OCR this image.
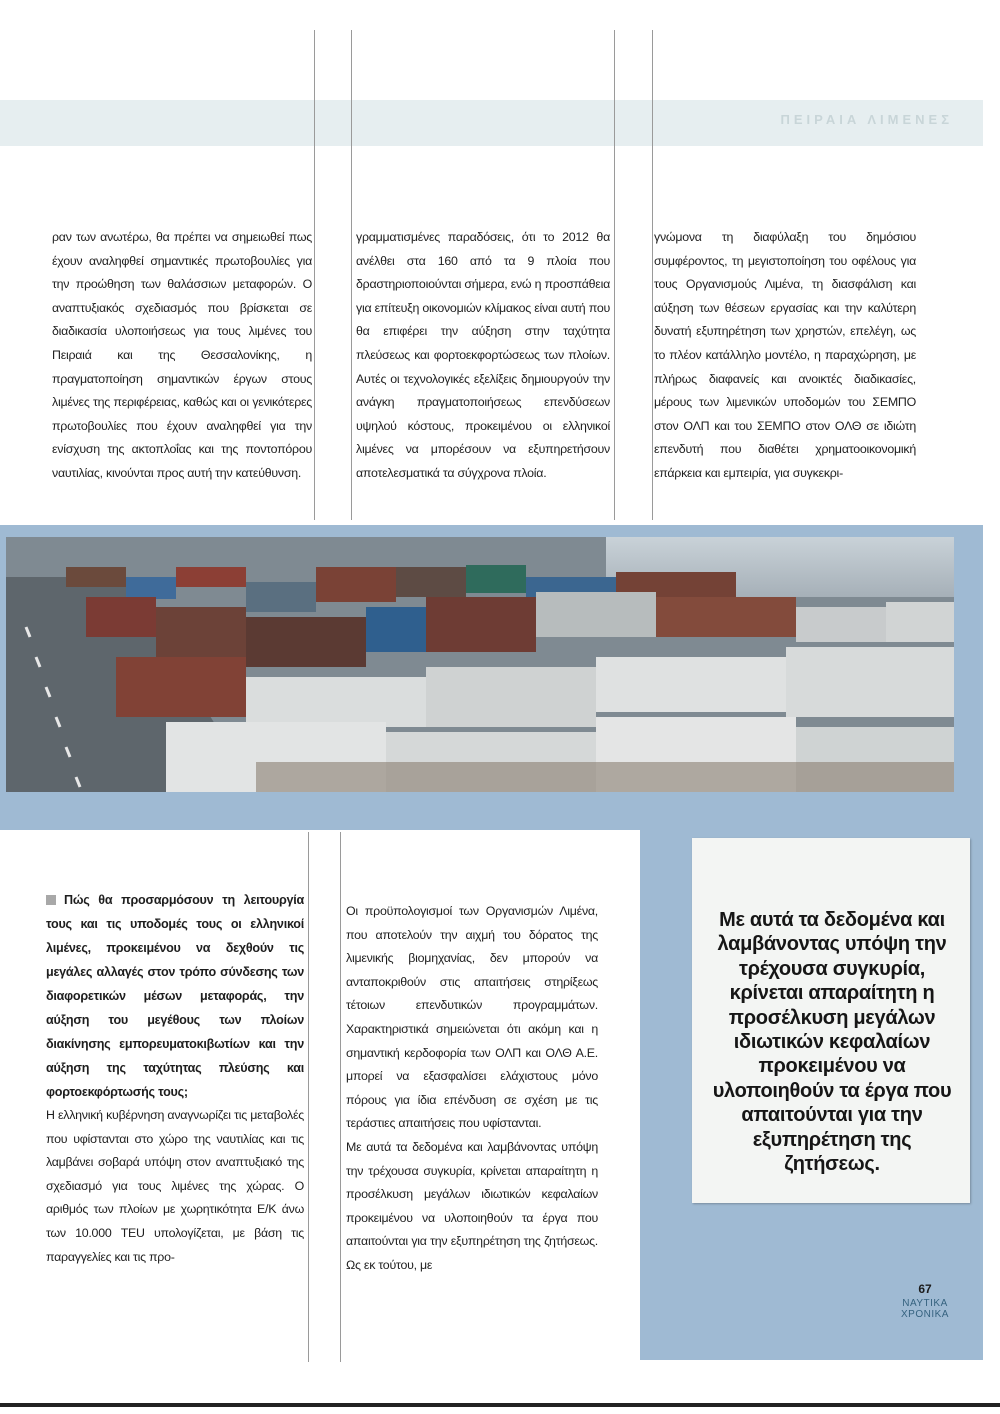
ΠΕΙΡΑΙΑ ΛΙΜΕΝΕΣ

ραν των ανωτέρω, θα πρέπει να σημειωθεί πως έχουν αναληφθεί σημαντικές πρωτοβουλίες για την προώθηση των θαλάσσιων μεταφορών. Ο αναπτυξιακός σχεδιασμός που βρίσκεται σε διαδικασία υλοποιήσεως για τους λιμένες του Πειραιά και της Θεσσαλονίκης, η πραγματοποίηση σημαντικών έργων στους λιμένες της περιφέρειας, καθώς και οι γενικότερες πρωτοβουλίες που έχουν αναληφθεί για την ενίσχυση της ακτοπλοΐας και της ποντοπόρου ναυτιλίας, κινούνται προς αυτή την κατεύθυνση.

γραμματισμένες παραδόσεις, ότι το 2012 θα ανέλθει στα 160 από τα 9 πλοία που δραστηριοποιούνται σήμερα, ενώ η προσπάθεια για επίτευξη οικονομιών κλίμακος είναι αυτή που θα επιφέρει την αύξηση στην ταχύτητα πλεύσεως και φορτοεκφορτώσεως των πλοίων. Αυτές οι τεχνολογικές εξελίξεις δημιουργούν την ανάγκη πραγματοποιήσεως επενδύσεων υψηλού κόστους, προκειμένου οι ελληνικοί λιμένες να μπορέσουν να εξυπηρετήσουν αποτελεσματικά τα σύγχρονα πλοία.

γνώμονα τη διαφύλαξη του δημόσιου συμφέροντος, τη μεγιστοποίηση του οφέλους για τους Οργανισμούς Λιμένα, τη διασφάλιση και αύξηση των θέσεων εργασίας και την καλύτερη δυνατή εξυπηρέτηση των χρηστών, επελέγη, ως το πλέον κατάλληλο μοντέλο, η παραχώρηση, με πλήρως διαφανείς και ανοικτές διαδικασίες, μέρους των λιμενικών υποδομών του ΣΕΜΠΟ στον ΟΛΠ και του ΣΕΜΠΟ στον ΟΛΘ σε ιδιώτη επενδυτή που διαθέτει χρηματοοικονομική επάρκεια και εμπειρία, για συγκεκρι-

Πώς θα προσαρμόσουν τη λειτουργία τους και τις υποδομές τους οι ελληνικοί λιμένες, προκειμένου να δεχθούν τις μεγάλες αλλαγές στον τρόπο σύνδεσης των διαφορετικών μέσων μεταφοράς, την αύξηση του μεγέθους των πλοίων διακίνησης εμπορευματοκιβωτίων και την αύξηση της ταχύτητας πλεύσης και φορτοεκφόρτωσής τους;

Η ελληνική κυβέρνηση αναγνωρίζει τις μεταβολές που υφίστανται στο χώρο της ναυτιλίας και τις λαμβάνει σοβαρά υπόψη στον αναπτυξιακό της σχεδιασμό για τους λιμένες της χώρας. Ο αριθμός των πλοίων με χωρητικότητα Ε/Κ άνω των 10.000 TEU υπολογίζεται, με βάση τις παραγγελίες και τις προ-

Οι προϋπολογισμοί των Οργανισμών Λιμένα, που αποτελούν την αιχμή του δόρατος της λιμενικής βιομηχανίας, δεν μπορούν να ανταποκριθούν στις απαιτήσεις στηρίξεως τέτοιων επενδυτικών προγραμμάτων. Χαρακτηριστικά σημειώνεται ότι ακόμη και η σημαντική κερδοφορία των ΟΛΠ και ΟΛΘ Α.Ε. μπορεί να εξασφαλίσει ελάχιστους μόνο πόρους για ίδια επένδυση σε σχέση με τις τεράστιες απαιτήσεις που υφίστανται.

Με αυτά τα δεδομένα και λαμβάνοντας υπόψη την τρέχουσα συγκυρία, κρίνεται απαραίτητη η προσέλκυση μεγάλων ιδιωτικών κεφαλαίων προκειμένου να υλοποιηθούν τα έργα που απαιτούνται για την εξυπηρέτηση της ζητήσεως. Ως εκ τούτου, με

Με αυτά τα δεδομένα και λαμβάνοντας υπόψη την τρέχουσα συγκυρία, κρίνεται απαραίτητη η προσέλκυση μεγάλων ιδιωτικών κεφαλαίων προκειμένου να υλοποιηθούν τα έργα που απαιτούνται για την εξυπηρέτηση της ζητήσεως.
67
ΝΑΥΤΙΚΑ
ΧΡΟΝΙΚΑ
